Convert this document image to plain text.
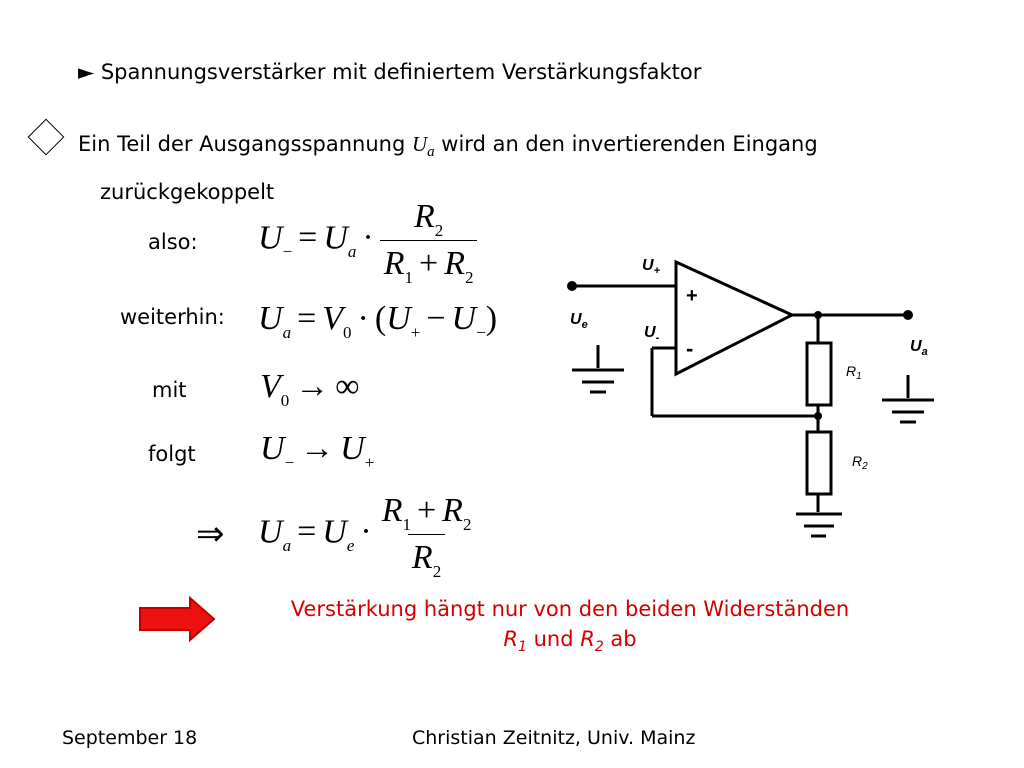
► Spannungsverstärker mit definiertem Verstärkungsfaktor
Ein Teil der Ausgangsspannung $U_a$ wird an den invertierenden Eingang
zurückgekoppelt
also:
weiterhin:
mit
folgt
⇒
$U_- = U_a \cdot \frac{R_2}{R_1 + R_2}$
$U_a = V_0 \cdot (U_+ - U_-)$
$V_0$ → ∞
$U_- \to U_+$
$U_a = U_e \cdot \frac{R_1 + R_2}{R_2}$
$U_+$
$U_-$
$U_e$
$U_a$
+
-
$R_1$
$R_2$
Verstärkung hängt nur von den beiden Widerständen
$R_1$ und $R_2$ ab
September 18	Christian Zeitnitz, Univ. Mainz
